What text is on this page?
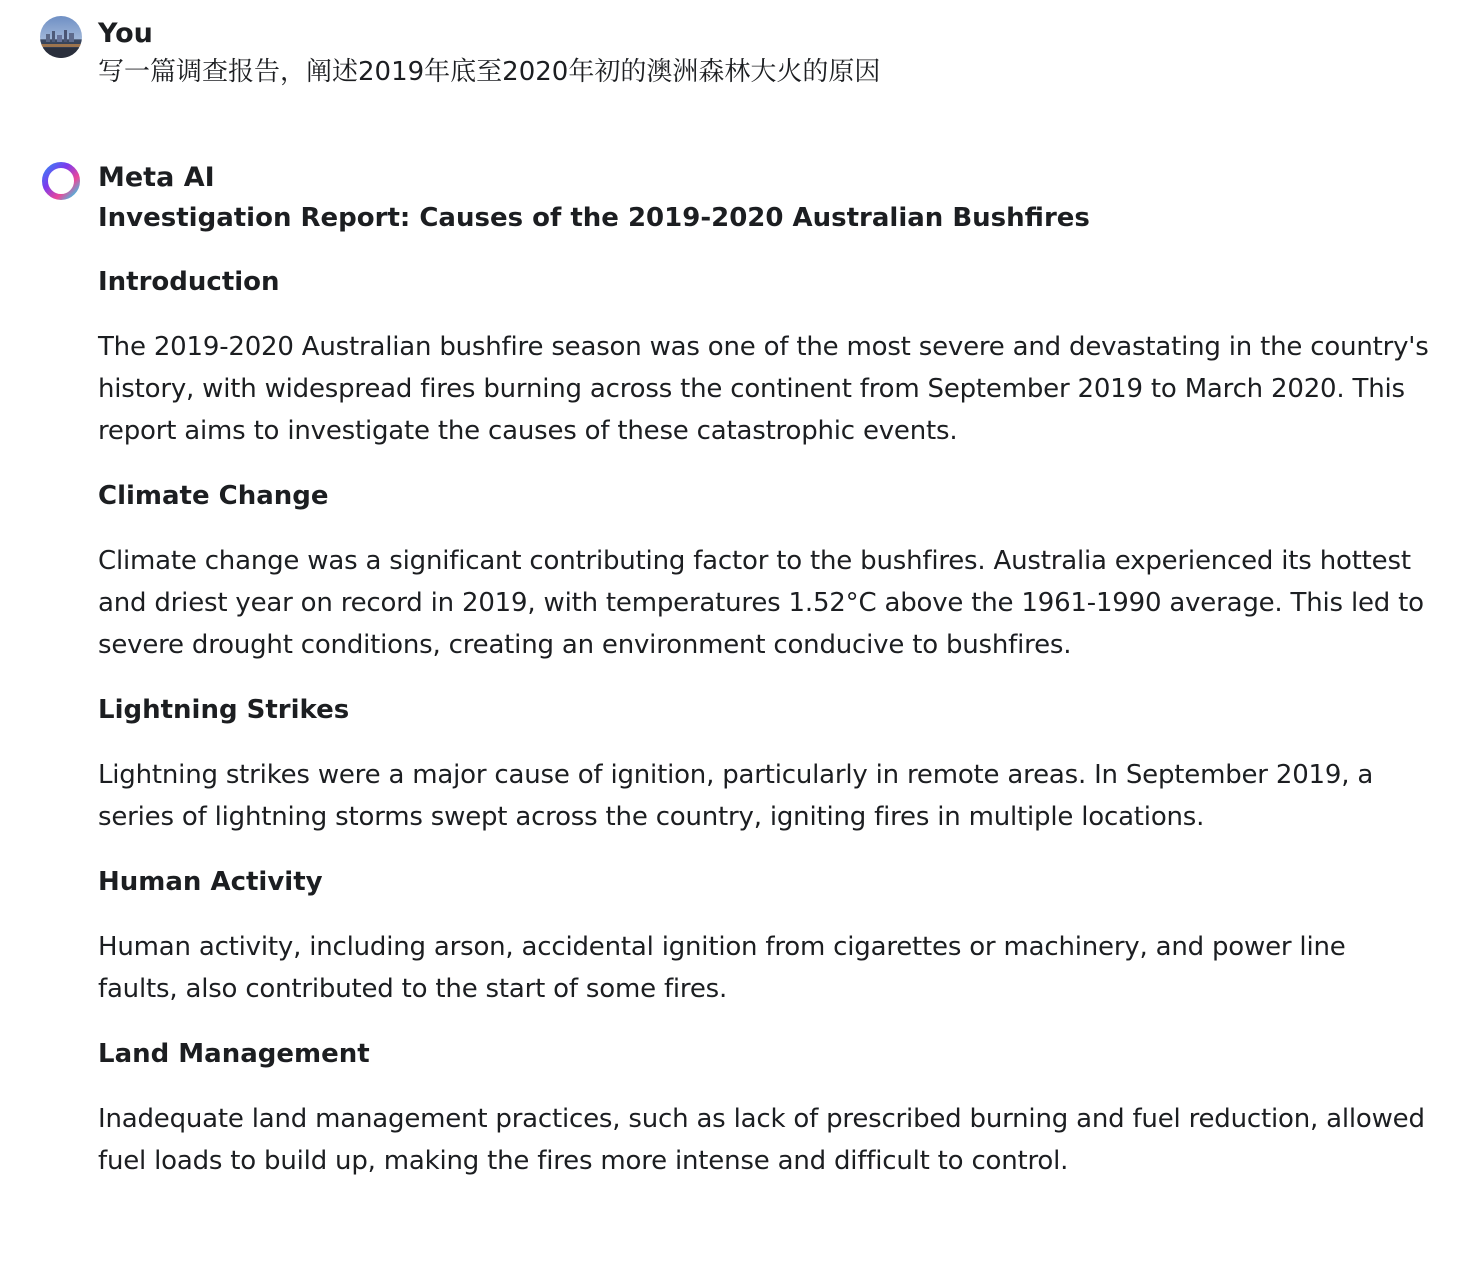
You
写一篇调查报告，阐述2019年底至2020年初的澳洲森林大火的原因
Meta AI
Investigation Report: Causes of the 2019-2020 Australian Bushfires
Introduction
The 2019-2020 Australian bushfire season was one of the most severe and devastating in the country's history, with widespread fires burning across the continent from September 2019 to March 2020. This report aims to investigate the causes of these catastrophic events.
Climate Change
Climate change was a significant contributing factor to the bushfires. Australia experienced its hottest and driest year on record in 2019, with temperatures 1.52°C above the 1961-1990 average. This led to severe drought conditions, creating an environment conducive to bushfires.
Lightning Strikes
Lightning strikes were a major cause of ignition, particularly in remote areas. In September 2019, a series of lightning storms swept across the country, igniting fires in multiple locations.
Human Activity
Human activity, including arson, accidental ignition from cigarettes or machinery, and power line faults, also contributed to the start of some fires.
Land Management
Inadequate land management practices, such as lack of prescribed burning and fuel reduction, allowed fuel loads to build up, making the fires more intense and difficult to control.
